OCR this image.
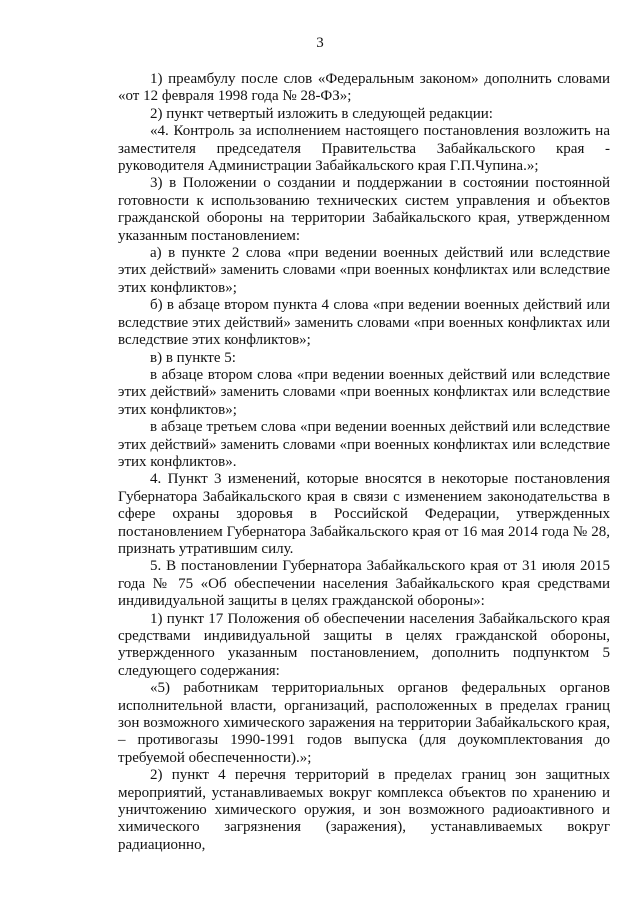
3

1) преамбулу после слов «Федеральным законом» дополнить словами «от 12 февраля 1998 года № 28-ФЗ»;

2) пункт четвертый изложить в следующей редакции:

«4. Контроль за исполнением настоящего постановления возложить на заместителя председателя Правительства Забайкальского края - руководителя Администрации Забайкальского края Г.П.Чупина.»;

3) в Положении о создании и поддержании в состоянии постоянной готовности к использованию технических систем управления и объектов гражданской обороны на территории Забайкальского края, утвержденном указанным постановлением:

а) в пункте 2 слова «при ведении военных действий или вследствие этих действий» заменить словами «при военных конфликтах или вследствие этих конфликтов»;

б) в абзаце втором пункта 4 слова «при ведении военных действий или вследствие этих действий» заменить словами «при военных конфликтах или вследствие этих конфликтов»;

в) в пункте 5:

в абзаце втором слова «при ведении военных действий или вследствие этих действий» заменить словами «при военных конфликтах или вследствие этих конфликтов»;

в абзаце третьем слова «при ведении военных действий или вследствие этих действий» заменить словами «при военных конфликтах или вследствие этих конфликтов».

4. Пункт 3 изменений, которые вносятся в некоторые постановления Губернатора Забайкальского края в связи с изменением законодательства в сфере охраны здоровья в Российской Федерации, утвержденных постановлением Губернатора Забайкальского края от 16 мая 2014 года № 28, признать утратившим силу.

5. В постановлении Губернатора Забайкальского края от 31 июля 2015 года № 75 «Об обеспечении населения Забайкальского края средствами индивидуальной защиты в целях гражданской обороны»:

1) пункт 17 Положения об обеспечении населения Забайкальского края средствами индивидуальной защиты в целях гражданской обороны, утвержденного указанным постановлением, дополнить подпунктом 5 следующего содержания:

«5) работникам территориальных органов федеральных органов исполнительной власти, организаций, расположенных в пределах границ зон возможного химического заражения на территории Забайкальского края, – противогазы 1990-1991 годов выпуска (для доукомплектования до требуемой обеспеченности).»;

2) пункт 4 перечня территорий в пределах границ зон защитных мероприятий, устанавливаемых вокруг комплекса объектов по хранению и уничтожению химического оружия, и зон возможного радиоактивного и химического загрязнения (заражения), устанавливаемых вокруг радиационно,
